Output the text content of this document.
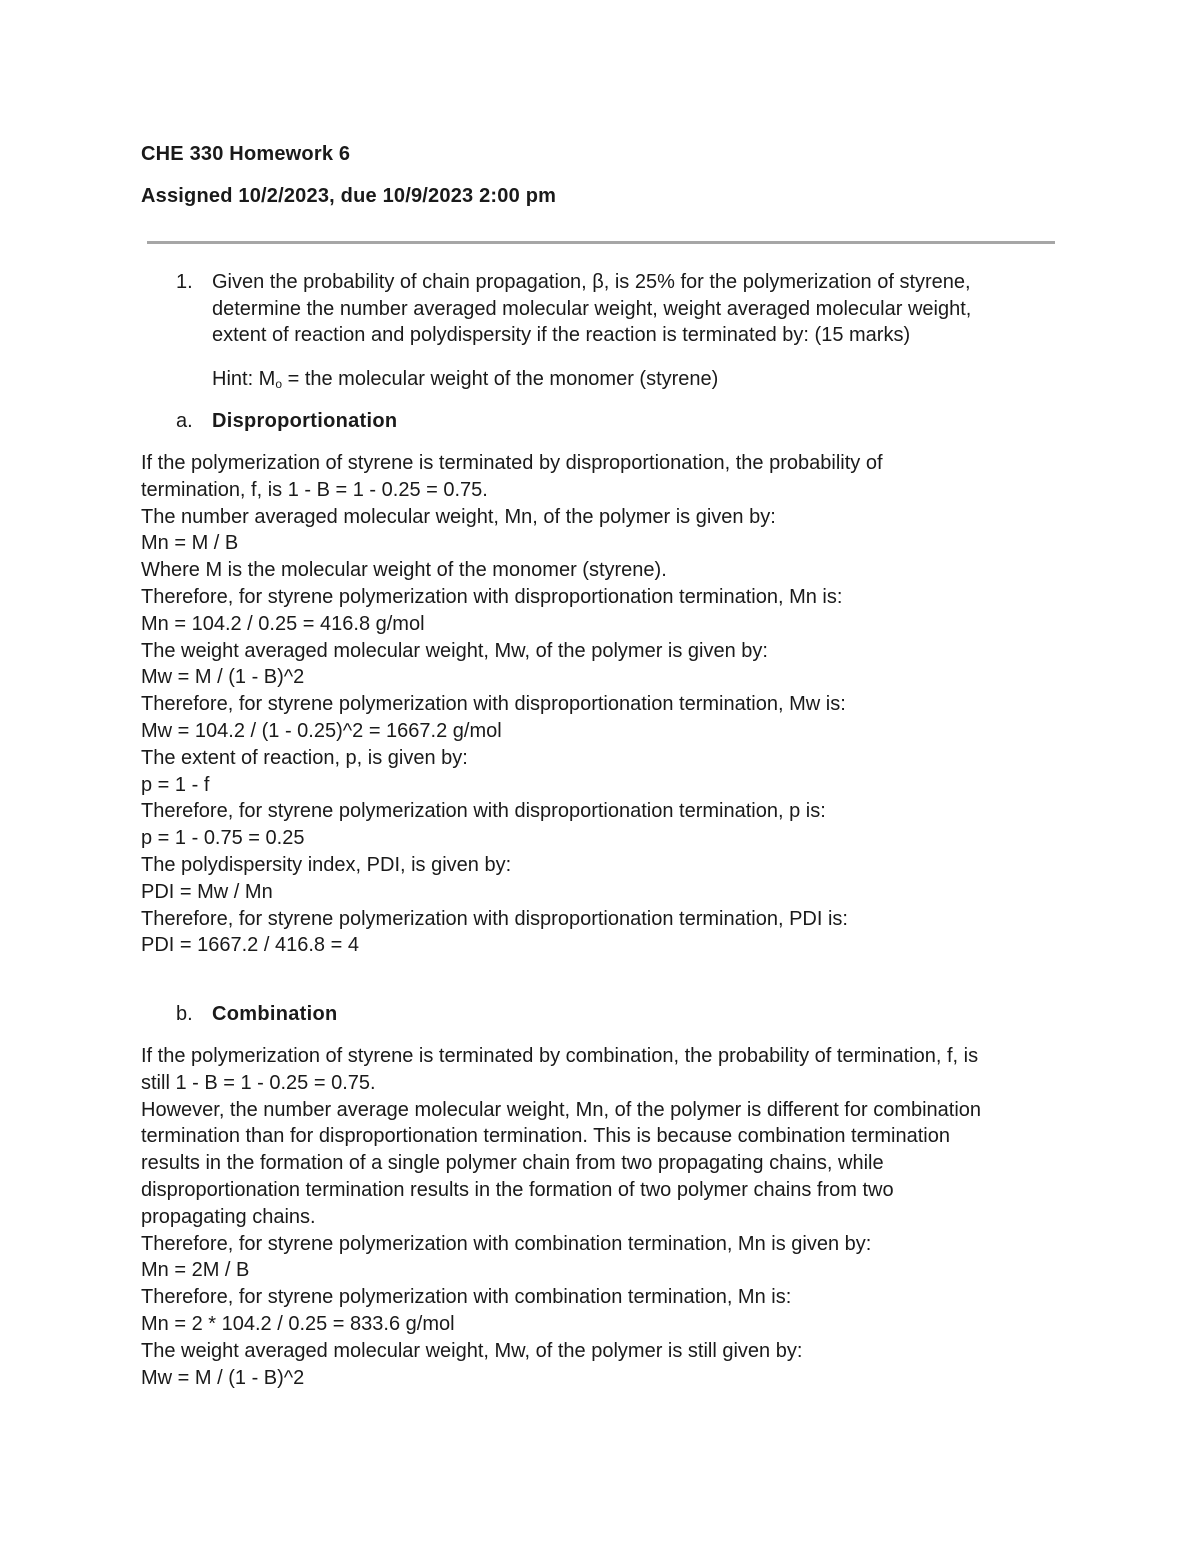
CHE 330 Homework 6

Assigned 10/2/2023, due 10/9/2023 2:00 pm

1. Given the probability of chain propagation, β, is 25% for the polymerization of styrene,
determine the number averaged molecular weight, weight averaged molecular weight,
extent of reaction and polydispersity if the reaction is terminated by: (15 marks)
Hint: $M_o$ = the molecular weight of the monomer (styrene)
a. Disproportionation
If the polymerization of styrene is terminated by disproportionation, the probability of
termination, f, is 1 - B = 1 - 0.25 = 0.75.
The number averaged molecular weight, Mn, of the polymer is given by:
Mn = M / B
Where M is the molecular weight of the monomer (styrene).
Therefore, for styrene polymerization with disproportionation termination, Mn is:
Mn = 104.2 / 0.25 = 416.8 g/mol
The weight averaged molecular weight, Mw, of the polymer is given by:
Mw = M / (1 - B)^2
Therefore, for styrene polymerization with disproportionation termination, Mw is:
Mw = 104.2 / (1 - 0.25)^2 = 1667.2 g/mol
The extent of reaction, p, is given by:
p = 1 - f
Therefore, for styrene polymerization with disproportionation termination, p is:
p = 1 - 0.75 = 0.25
The polydispersity index, PDI, is given by:
PDI = Mw / Mn
Therefore, for styrene polymerization with disproportionation termination, PDI is:
PDI = 1667.2 / 416.8 = 4
b. Combination
If the polymerization of styrene is terminated by combination, the probability of termination, f, is
still 1 - B = 1 - 0.25 = 0.75.
However, the number average molecular weight, Mn, of the polymer is different for combination
termination than for disproportionation termination. This is because combination termination
results in the formation of a single polymer chain from two propagating chains, while
disproportionation termination results in the formation of two polymer chains from two
propagating chains.
Therefore, for styrene polymerization with combination termination, Mn is given by:
Mn = 2M / B
Therefore, for styrene polymerization with combination termination, Mn is:
Mn = 2 * 104.2 / 0.25 = 833.6 g/mol
The weight averaged molecular weight, Mw, of the polymer is still given by:
Mw = M / (1 - B)^2
